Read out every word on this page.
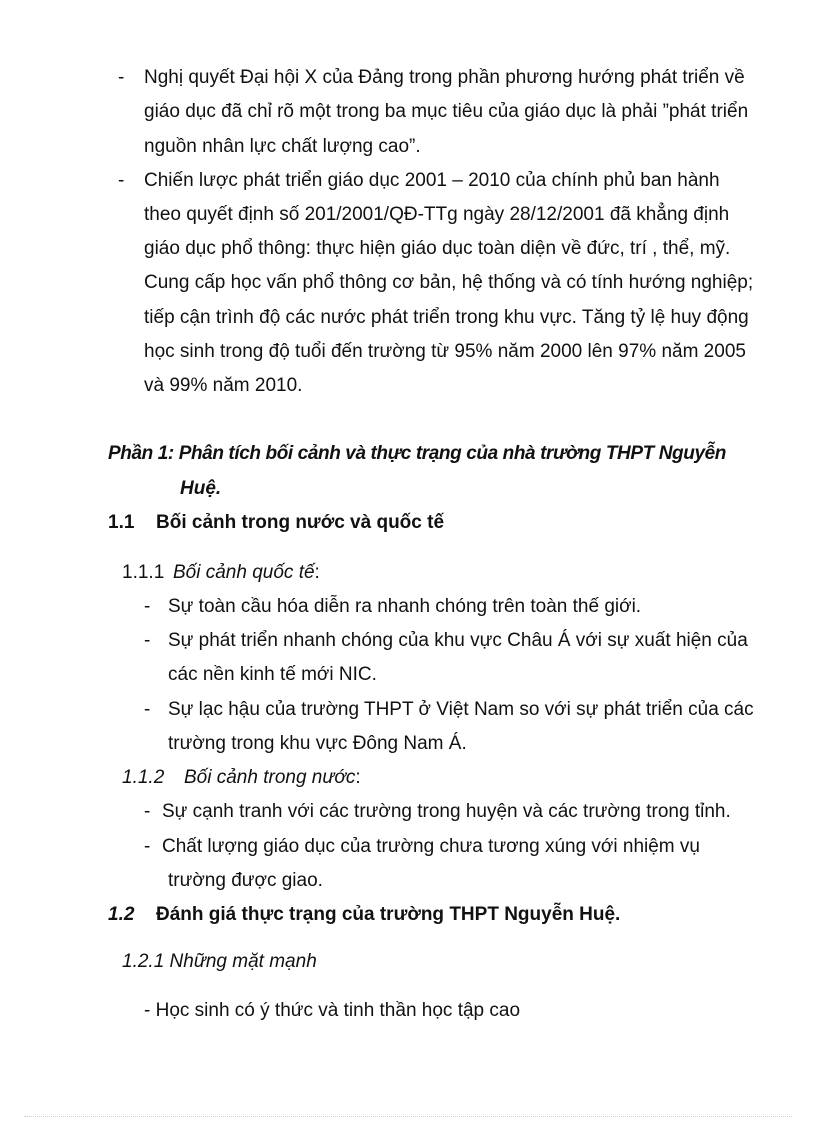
- Nghị quyết Đại hội X của Đảng trong phần phương hướng phát triển về
giáo dục đã chỉ rõ một trong ba mục tiêu của giáo dục là phải ”phát triển
nguồn nhân lực chất lượng cao”.
- Chiến lược phát triển giáo dục 2001 – 2010 của chính phủ ban hành
theo quyết định số 201/2001/QĐ-TTg ngày 28/12/2001 đã khẳng định
giáo dục phổ thông: thực hiện giáo dục toàn diện về đức, trí , thể, mỹ.
Cung cấp học vấn phổ thông cơ bản, hệ thống và có tính hướng nghiệp;
tiếp cận trình độ các nước phát triển trong khu vực. Tăng tỷ lệ huy động
học sinh trong độ tuổi đến trường từ 95% năm 2000 lên 97% năm 2005
và 99% năm 2010.
Phần 1: Phân tích bối cảnh và thực trạng của nhà trường THPT Nguyễn
Huệ.
1.1 Bối cảnh trong nước và quốc tế
1.1.1 Bối cảnh quốc tế:
- Sự toàn cầu hóa diễn ra nhanh chóng trên toàn thế giới.
- Sự phát triển nhanh chóng của khu vực Châu Á với sự xuất hiện của
các nền kinh tế mới NIC.
- Sự lạc hậu của trường THPT ở Việt Nam so với sự phát triển của các
trường trong khu vực Đông Nam Á.
1.1.2 Bối cảnh trong nước:
- Sự cạnh tranh với các trường trong huyện và các trường trong tỉnh.
- Chất lượng giáo dục của trường chưa tương xúng với nhiệm vụ
trường được giao.
1.2 Đánh giá thực trạng của trường THPT Nguyễn Huệ.
1.2.1 Những mặt mạnh
- Học sinh có ý thức và tinh thần học tập cao
